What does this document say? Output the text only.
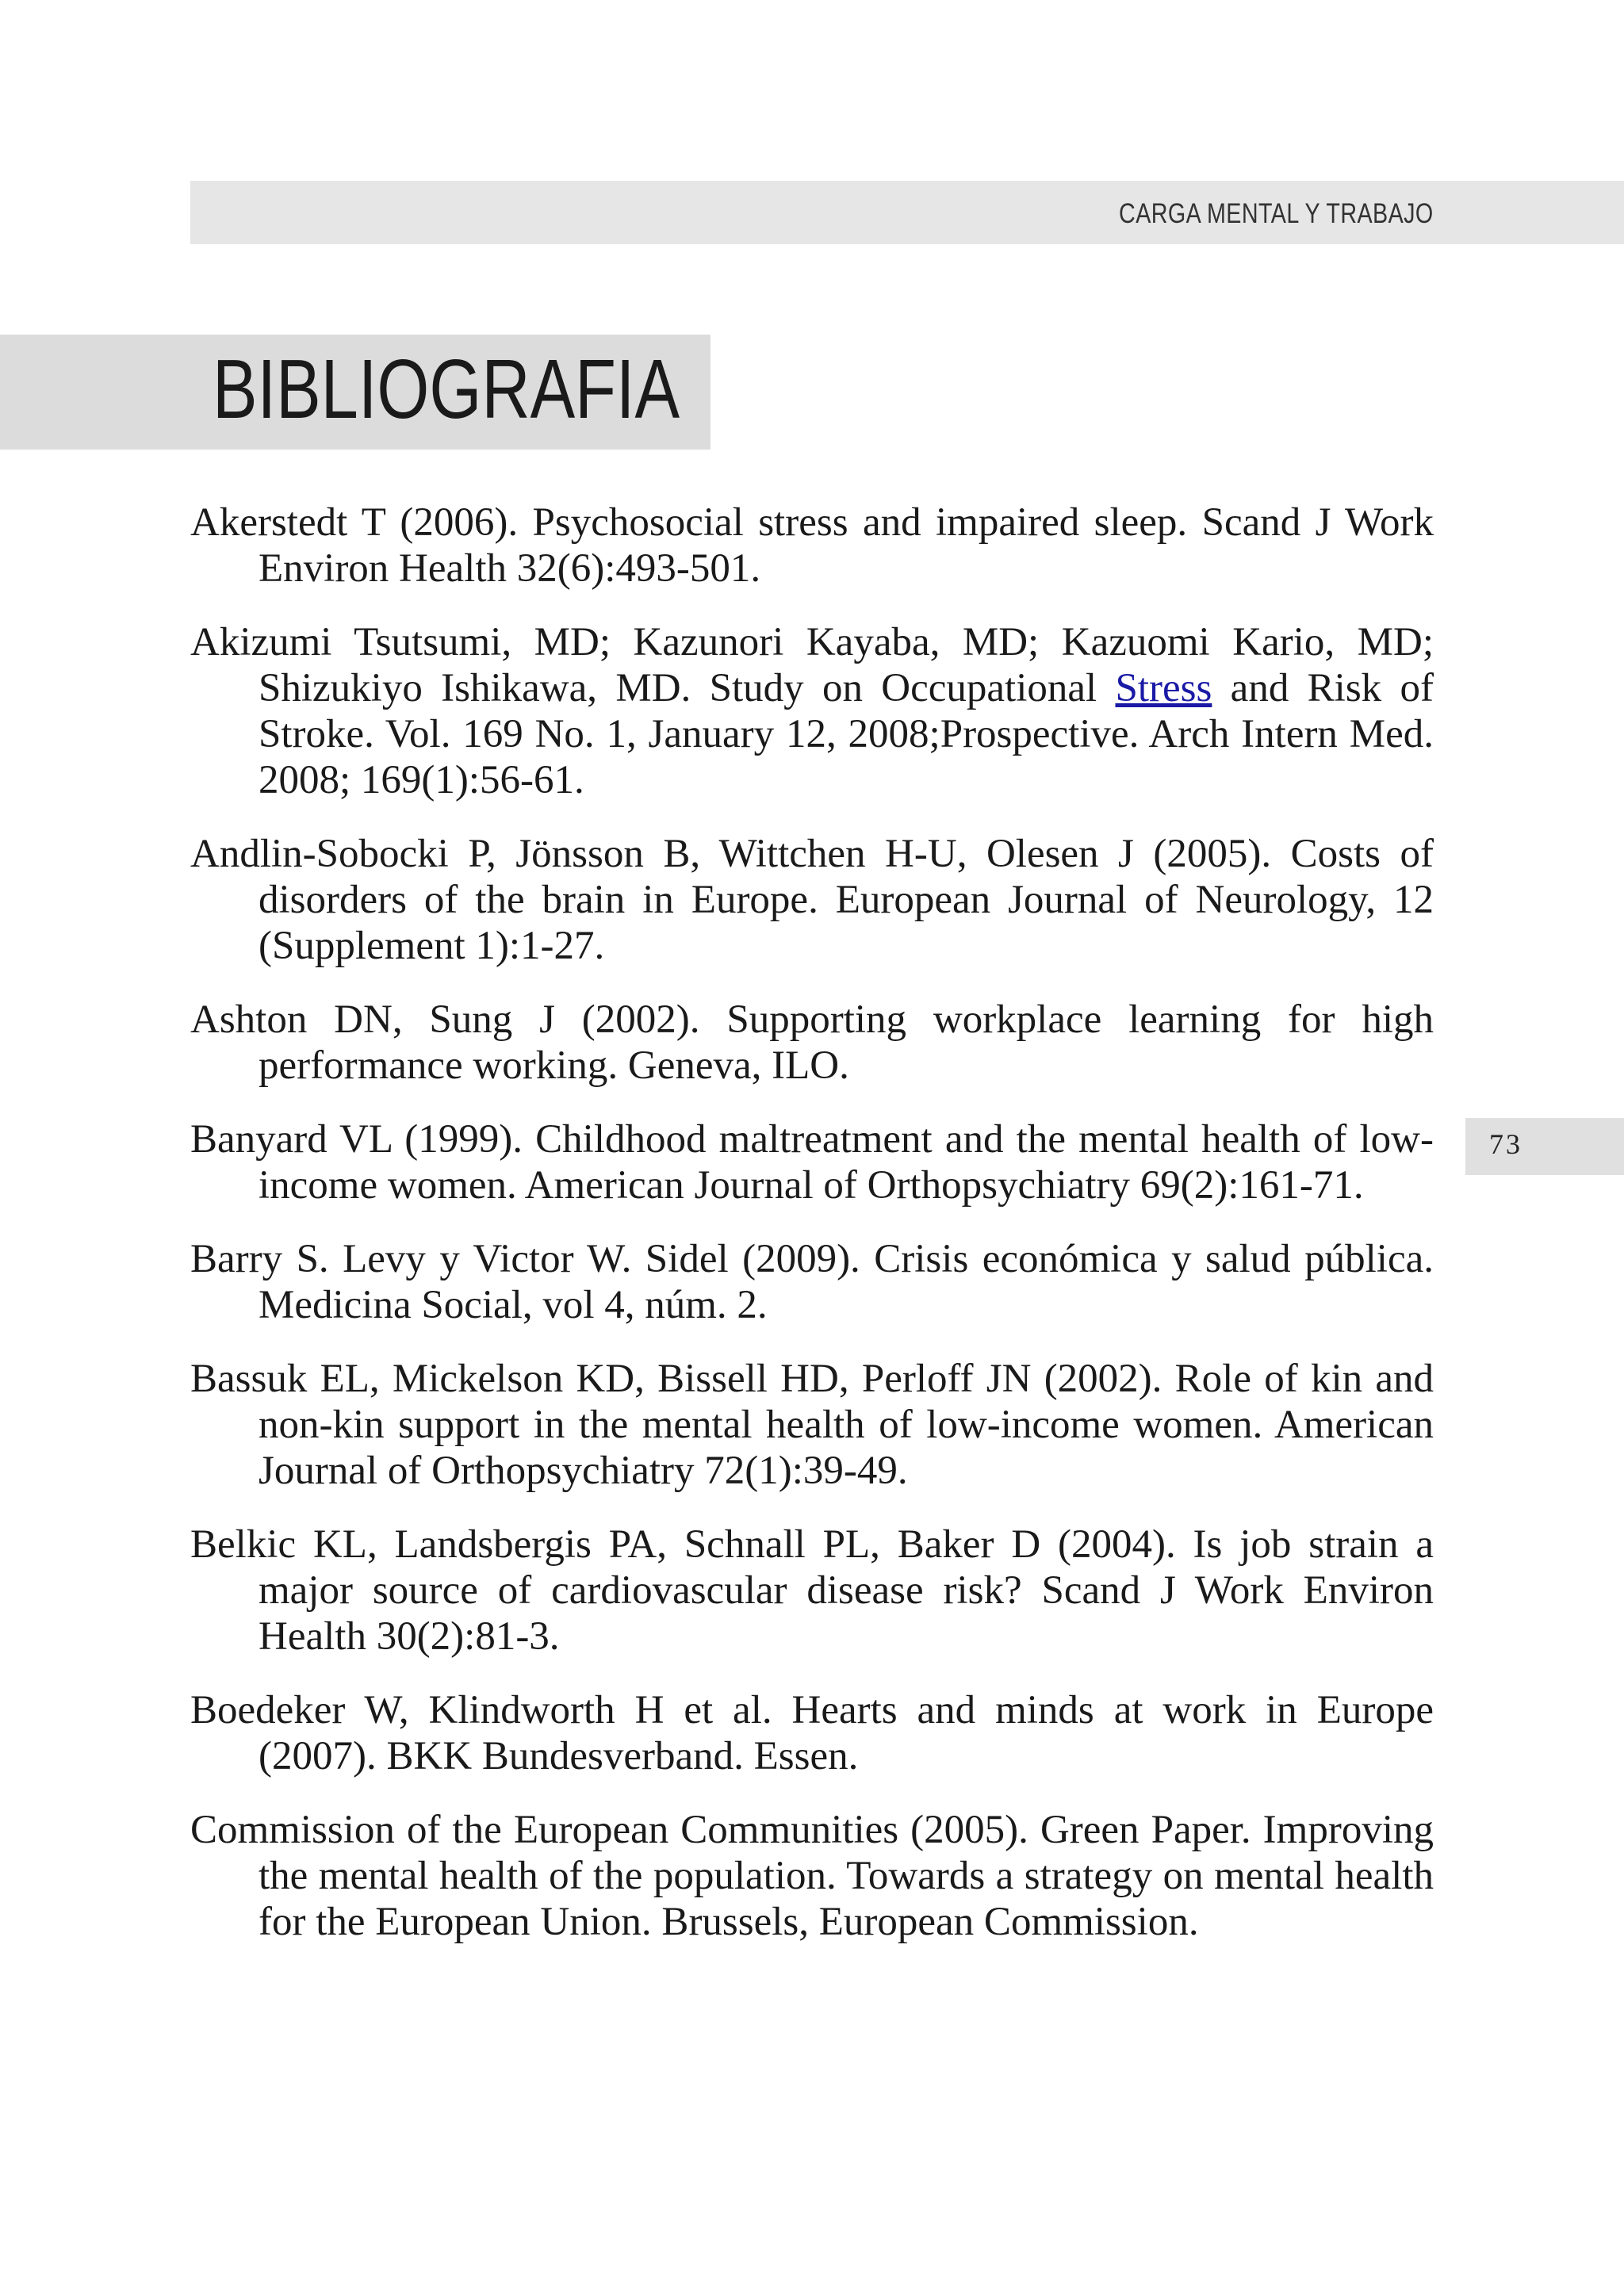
CARGA MENTAL Y TRABAJO
BIBLIOGRAFIA
73
Akerstedt T (2006). Psychosocial stress and impaired sleep. Scand J Work Environ Health 32(6):493-501.
Akizumi Tsutsumi, MD; Kazunori Kayaba, MD; Kazuomi Kario, MD; Shizukiyo Ishikawa, MD. Study on Occupational Stress and Risk of Stroke. Vol. 169 No. 1, January 12, 2008;Prospective. Arch Intern Med. 2008; 169(1):56-61.
Andlin-Sobocki P, Jönsson B, Wittchen H-U, Olesen J (2005). Costs of disorders of the brain in Europe. European Journal of Neurology, 12 (Supplement 1):1-27.
Ashton DN, Sung J (2002). Supporting workplace learning for high performance working. Geneva, ILO.
Banyard VL (1999). Childhood maltreatment and the mental health of low-income women. American Journal of Orthopsychiatry 69(2):161-71.
Barry S. Levy y Victor W. Sidel (2009). Crisis económica y salud pública. Medicina Social, vol 4, núm. 2.
Bassuk EL, Mickelson KD, Bissell HD, Perloff JN (2002). Role of kin and non-kin support in the mental health of low-income women. American Journal of Orthopsychiatry 72(1):39-49.
Belkic KL, Landsbergis PA, Schnall PL, Baker D (2004). Is job strain a major source of cardiovascular disease risk? Scand J Work Environ Health 30(2):81-3.
Boedeker W, Klindworth H et al. Hearts and minds at work in Europe (2007). BKK Bundesverband. Essen.
Commission of the European Communities (2005). Green Paper. Improving the mental health of the population. Towards a strategy on mental health for the European Union. Brussels, European Commission.
